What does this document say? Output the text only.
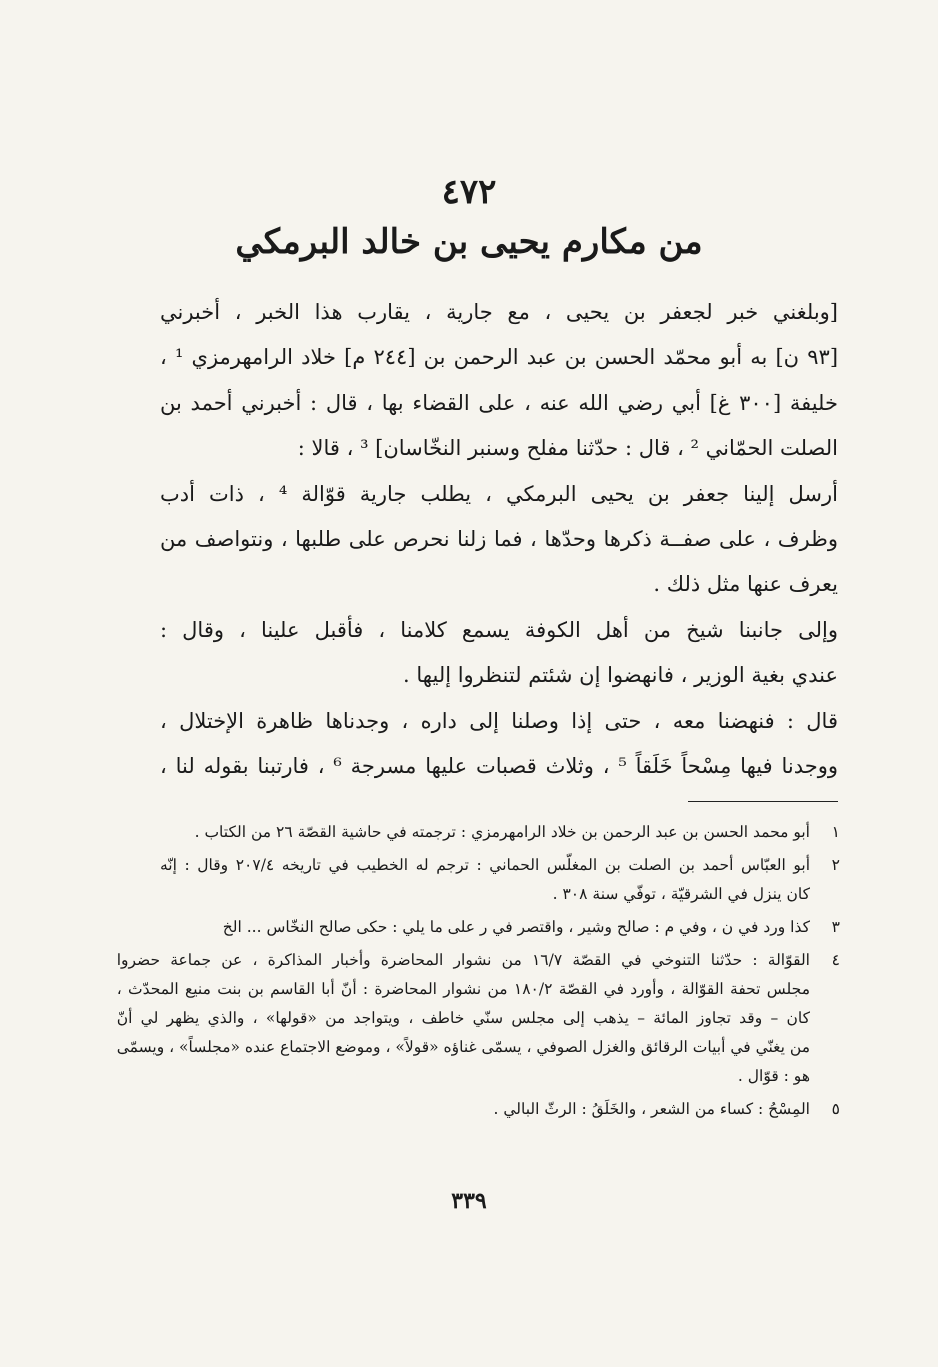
٤٧٢
من مكارم يحيى بن خالد البرمكي
[وبلغني خبر لجعفر بن يحيى ، مع جارية ، يقارب هذا الخبر ، أخبرني
[٩٣ ن] به أبو محمّد الحسن بن عبد الرحمن بن [٢٤٤ م] خلاد الرامهرمزي ¹ ،
خليفة [٣٠٠ غ] أبي رضي الله عنه ، على القضاء بها ، قال : أخبرني أحمد بن
الصلت الحمّاني ² ، قال : حدّثنا مفلح وسنبر النخّاسان] ³ ، قالا :
أرسل إلينا جعفر بن يحيى البرمكي ، يطلب جارية قوّالة ⁴ ، ذات أدب
وظرف ، على صفــة ذكرها وحدّها ، فما زلنا نحرص على طلبها ، ونتواصف من
يعرف عنها مثل ذلك .
وإلى جانبنا شيخ من أهل الكوفة يسمع كلامنا ، فأقبل علينا ، وقال :
عندي بغية الوزير ، فانهضوا إن شئتم لتنظروا إليها .
قال : فنهضنا معه ، حتى إذا وصلنا إلى داره ، وجدناها ظاهرة الإختلال ،
ووجدنا فيها مِسْحاً خَلَقاً ⁵ ، وثلاث قصبات عليها مسرجة ⁶ ، فارتبنا بقوله لنا ،
١
أبو محمد الحسن بن عبد الرحمن بن خلاد الرامهرمزي : ترجمته في حاشية القصّة ٢٦ من الكتاب .
٢
أبو العبّاس أحمد بن الصلت بن المغلّس الحماني : ترجم له الخطيب في تاريخه ٢٠٧/٤ وقال : إنّه
كان ينزل في الشرقيّة ، توفّي سنة ٣٠٨ .
٣
كذا ورد في ن ، وفي م : صالح وشير ، واقتصر في ر على ما يلي : حكى صالح النخّاس ... الخ
٤
القوّالة : حدّثنا التنوخي في القصّة ١٦/٧ من نشوار المحاضرة وأخبار المذاكرة ، عن جماعة حضروا
مجلس تحفة القوّالة ، وأورد في القصّة ١٨٠/٢ من نشوار المحاضرة : أنّ أبا القاسم بن بنت منيع المحدّث ،
كان – وقد تجاوز المائة – يذهب إلى مجلس سنّي خاطف ، ويتواجد من «قولها» ، والذي يظهر لي أنّ
من يغنّي في أبيات الرقائق والغزل الصوفي ، يسمّى غناؤه «قولاً» ، وموضع الاجتماع عنده «مجلساً» ، ويسمّى
هو : قوّال .
٥
المِسْحُ : كساء من الشعر ، والخَلَقُ : الرثّ البالي .
٣٣٩
